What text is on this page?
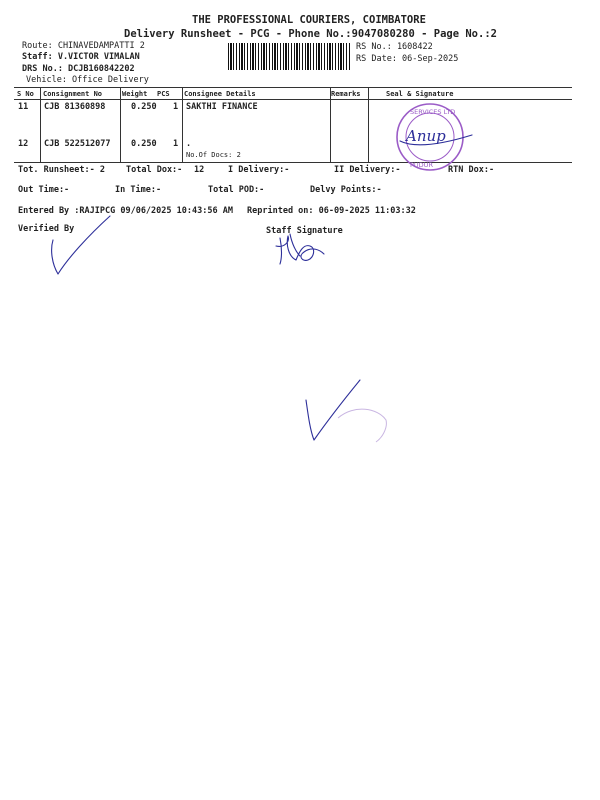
THE PROFESSIONAL COURIERS, COIMBATORE
Delivery Runsheet - PCG - Phone No.:9047080280 - Page No.:2
Route: CHINAVEDAMPATTI 2
Staff: V.VICTOR VIMALAN
DRS No.: DCJB160842202
Vehicle: Office Delivery
RS No.: 1608422
RS Date: 06-Sep-2025
S No Consignment No	Weight PCS Consignee Details	Remarks	Seal & Signature
11 CJB 81360898	0.250 1 SAKTHI FINANCE
12 CJB 522512077 0.250 1 .
No.Of Docs: 2
SERVICES LTD
PUDUR
Anup
Tot. Runsheet:- 2 Total Dox:- 12	I Delivery:-	II Delivery:-	RTN Dox:-
Out Time:-	In Time:-	Total POD:-	Delvy Points:-
Entered By :RAJIPCG 09/06/2025 10:43:56 AM Reprinted on: 06-09-2025 11:03:32
Verified By	Staff Signature
